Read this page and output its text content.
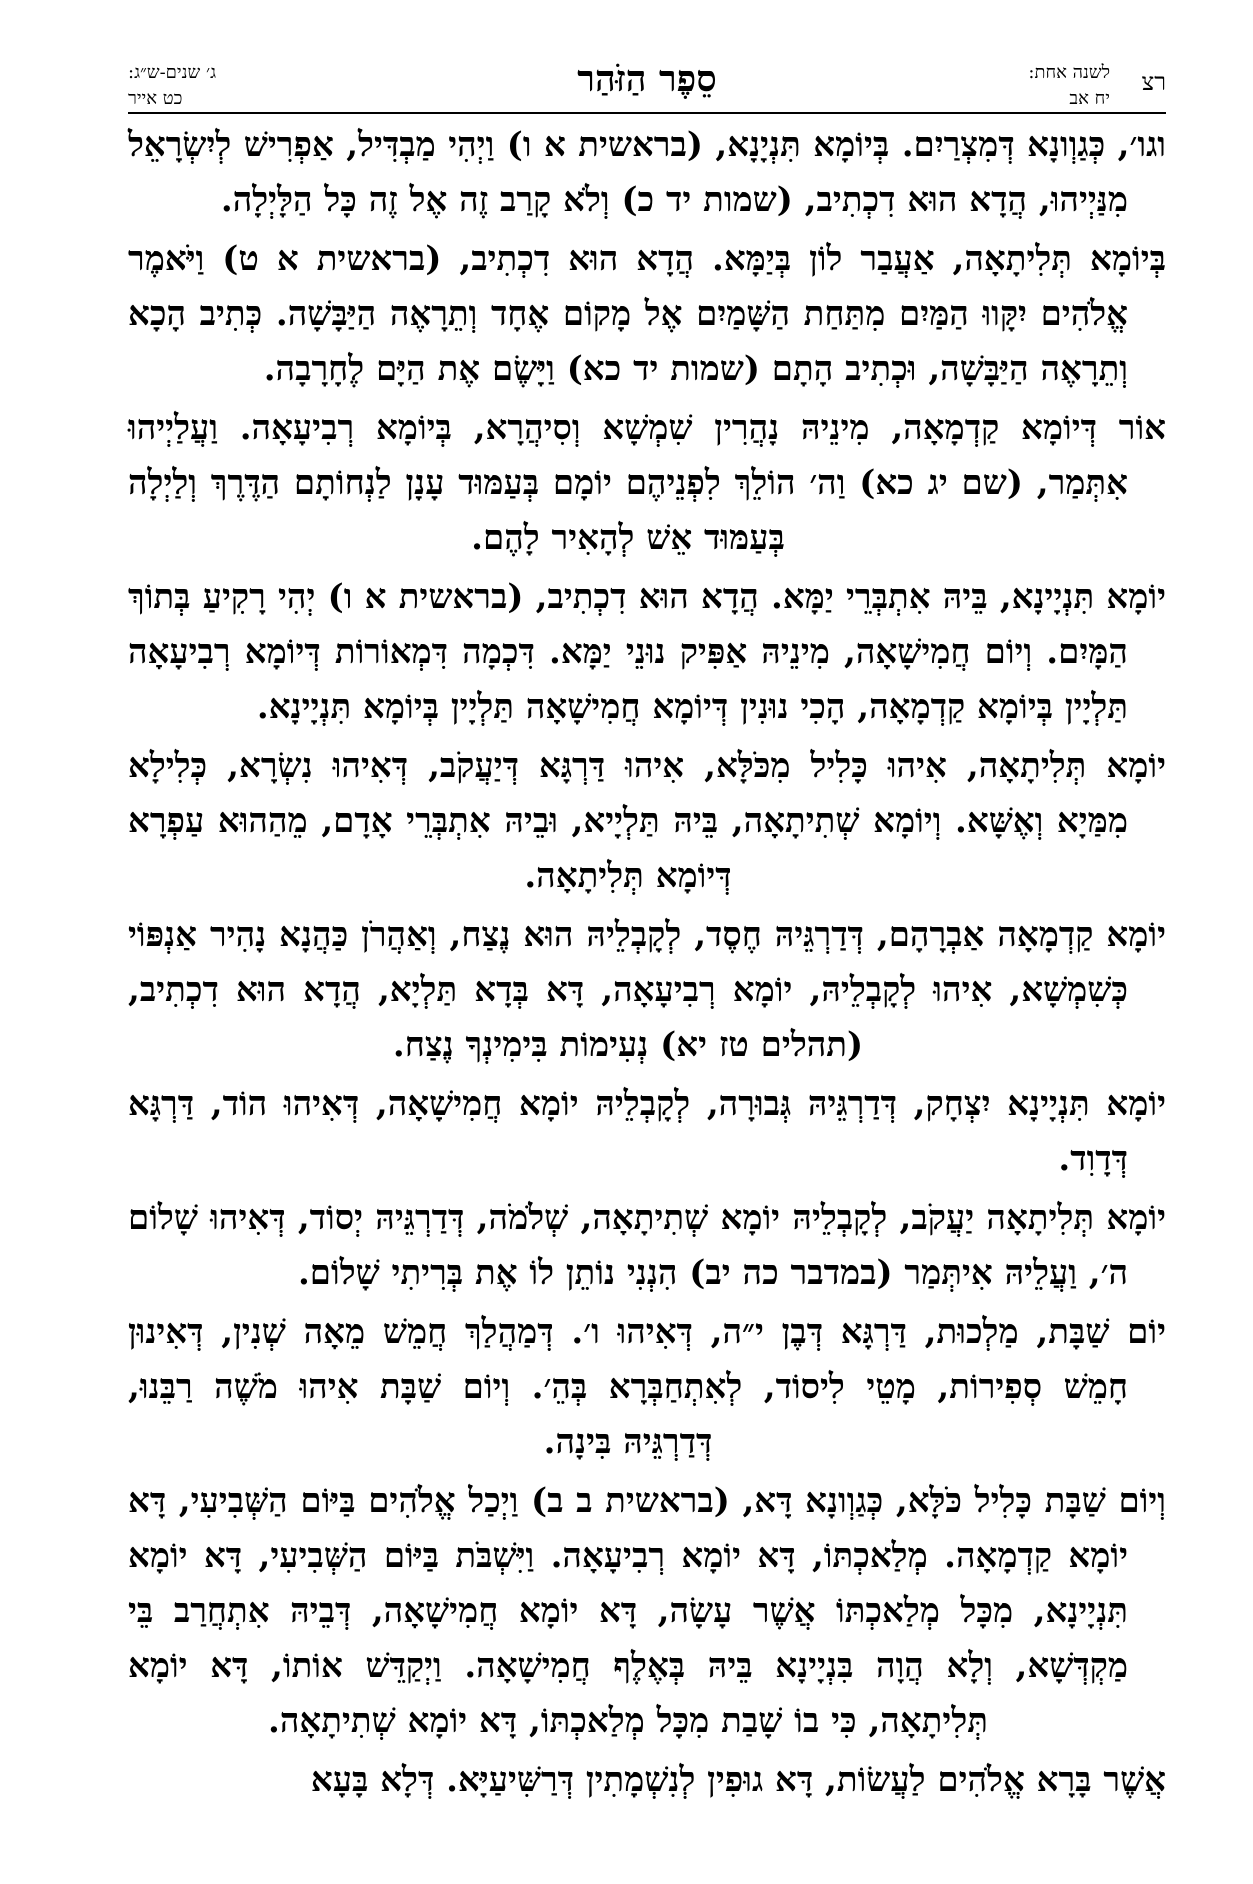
רצ
לשנה אחת:
יח אב
סֵפֶר הַזֹּהַר
ג׳ שנים-ש״ג:
כט אייר

וגו׳, כְּגַוְונָא דְּמִצְרַיִם. בְּיוֹמָא תִּנְיָנָא, (בראשית א ו) וַיְהִי מַבְדִּיל, אַפְרִישׁ לְיִשְׂרָאֵל מִנַּיְיהוּ, הֲדָא הוּא דִכְתִיב, (שמות יד כ) וְלֹא קָרַב זֶה אֶל זֶה כָּל הַלָּיְלָה.

בְּיוֹמָא תְּלִיתָאָה, אַעֲבַר לוֹן בְּיַמָּא. הֲדָא הוּא דִכְתִיב, (בראשית א ט) וַיֹּאמֶר אֱלֹהִים יִקָּווּ הַמַּיִם מִתַּחַת הַשָּׁמַיִם אֶל מָקוֹם אֶחָד וְתֵרָאֶה הַיַּבָּשָׁה. כְּתִיב הָכָא וְתֵרָאֶה הַיַּבָּשָׁה, וּכְתִיב הָתָם (שמות יד כא) וַיָּשֶׂם אֶת הַיָּם לֶחָרָבָה.

אוֹר דְּיוֹמָא קַדְמָאָה, מִינֵיהּ נָהֲרִין שִׁמְשָׁא וְסִיהֲרָא, בְּיוֹמָא רְבִיעָאָה. וַעֲלַיְיהוּ אִתְּמַר, (שם יג כא) וַה׳ הוֹלֵךְ לִפְנֵיהֶם יוֹמָם בְּעַמּוּד עָנָן לַנְחוֹתָם הַדֶּרֶךְ וְלַיְלָה בְּעַמּוּד אֵשׁ לְהָאִיר לָהֶם.

יוֹמָא תִּנְיָינָא, בֵּיהּ אִתְבְּרֵי יַמָּא. הֲדָא הוּא דִכְתִיב, (בראשית א ו) יְהִי רָקִיעַ בְּתוֹךְ הַמָּיִם. וְיוֹם חֲמִישָׁאָה, מִינֵיהּ אַפִּיק נוּנֵי יַמָּא. דִּכְמָה דִּמְאוֹרוֹת דְּיוֹמָא רְבִיעָאָה תַּלְיָין בְּיוֹמָא קַדְמָאָה, הָכִי נוּנִין דְּיוֹמָא חֲמִישָׁאָה תַּלְיָין בְּיוֹמָא תִּנְיָינָא.

יוֹמָא תְּלִיתָאָה, אִיהוּ כָּלִיל מִכֹּלָּא, אִיהוּ דַּרְגָּא דְּיַעֲקֹב, דְּאִיהוּ נִשְׂרָא, כְּלִילָא מִמַּיָא וְאֶשָּׁא. וְיוֹמָא שְׁתִיתָאָה, בֵּיהּ תַּלְיָיא, וּבֵיהּ אִתְבְּרֵי אָדָם, מֵהַהוּא עַפְרָא דְּיוֹמָא תְּלִיתָאָה.

יוֹמָא קַדְמָאָה אַבְרָהָם, דְּדַרְגֵּיהּ חֶסֶד, לְקָבְלֵיהּ הוּא נֶצַח, וְאַהֲרֹן כַּהֲנָא נָהִיר אַנְפּוֹי כְּשִׁמְשָׁא, אִיהוּ לְקָבְלֵיהּ, יוֹמָא רְבִיעָאָה, דָּא בְּדָא תַּלְיָא, הֲדָא הוּא דִכְתִיב, (תהלים טז יא) נְעִימוֹת בִּימִינְךָ נֶצַח.

יוֹמָא תִּנְיָינָא יִצְחָק, דְּדַרְגֵּיהּ גְּבוּרָה, לְקָבְלֵיהּ יוֹמָא חֲמִישָׁאָה, דְּאִיהוּ הוֹד, דַּרְגָּא דְּדָוִד.

יוֹמָא תְּלִיתָאָה יַעֲקֹב, לְקָבְלֵיהּ יוֹמָא שְׁתִיתָאָה, שְׁלֹמֹה, דְּדַרְגֵּיהּ יְסוֹד, דְּאִיהוּ שָׁלוֹם ה׳, וַעֲלֵיהּ אִיתְּמַר (במדבר כה יב) הִנְנִי נוֹתֵן לוֹ אֶת בְּרִיתִי שָׁלוֹם.

יוֹם שַׁבָּת, מַלְכוּת, דַּרְגָּא דְּבֶן י״ה, דְּאִיהוּ ו׳. דְּמַהֲלַךְ חֲמֵשׁ מֵאָה שְׁנִין, דְּאִינוּן חָמֵשׁ סְפִירוֹת, מָטֵי לִיסוֹד, לְאִתְחַבְּרָא בְּהֵ׳. וְיוֹם שַׁבָּת אִיהוּ מֹשֶׁה רַבֵּנוּ, דְּדַרְגֵּיהּ בִּינָה.

וְיוֹם שַׁבָּת כָּלִיל כֹּלָּא, כְּגַוְונָא דָּא, (בראשית ב ב) וַיְכַל אֱלֹהִים בַּיּוֹם הַשְּׁבִיעִי, דָּא יוֹמָא קַדְמָאָה. מְלַאכְתּוֹ, דָּא יוֹמָא רְבִיעָאָה. וַיִּשְׁבֹּת בַּיּוֹם הַשְּׁבִיעִי, דָּא יוֹמָא תִּנְיָינָא, מִכָּל מְלַאכְתּוֹ אֲשֶׁר עָשָׂה, דָּא יוֹמָא חֲמִישָׁאָה, דְּבֵיהּ אִתְחֲרַב בֵּי מַקְדְּשָׁא, וְלָא הֲוָה בִּנְיָינָא בֵּיהּ בְּאֶלֶף חֲמִישָׁאָה. וַיְקַדֵּשׁ אוֹתוֹ, דָּא יוֹמָא תְּלִיתָאָה, כִּי בוֹ שָׁבַת מִכָּל מְלַאכְתּוֹ, דָּא יוֹמָא שְׁתִיתָאָה.

אֲשֶׁר בָּרָא אֱלֹהִים לַעֲשׂוֹת, דָּא גוּפִין לְנִשְׁמָתִין דְּרַשִּׁיעַיָּא. דְּלָא בָּעָא
